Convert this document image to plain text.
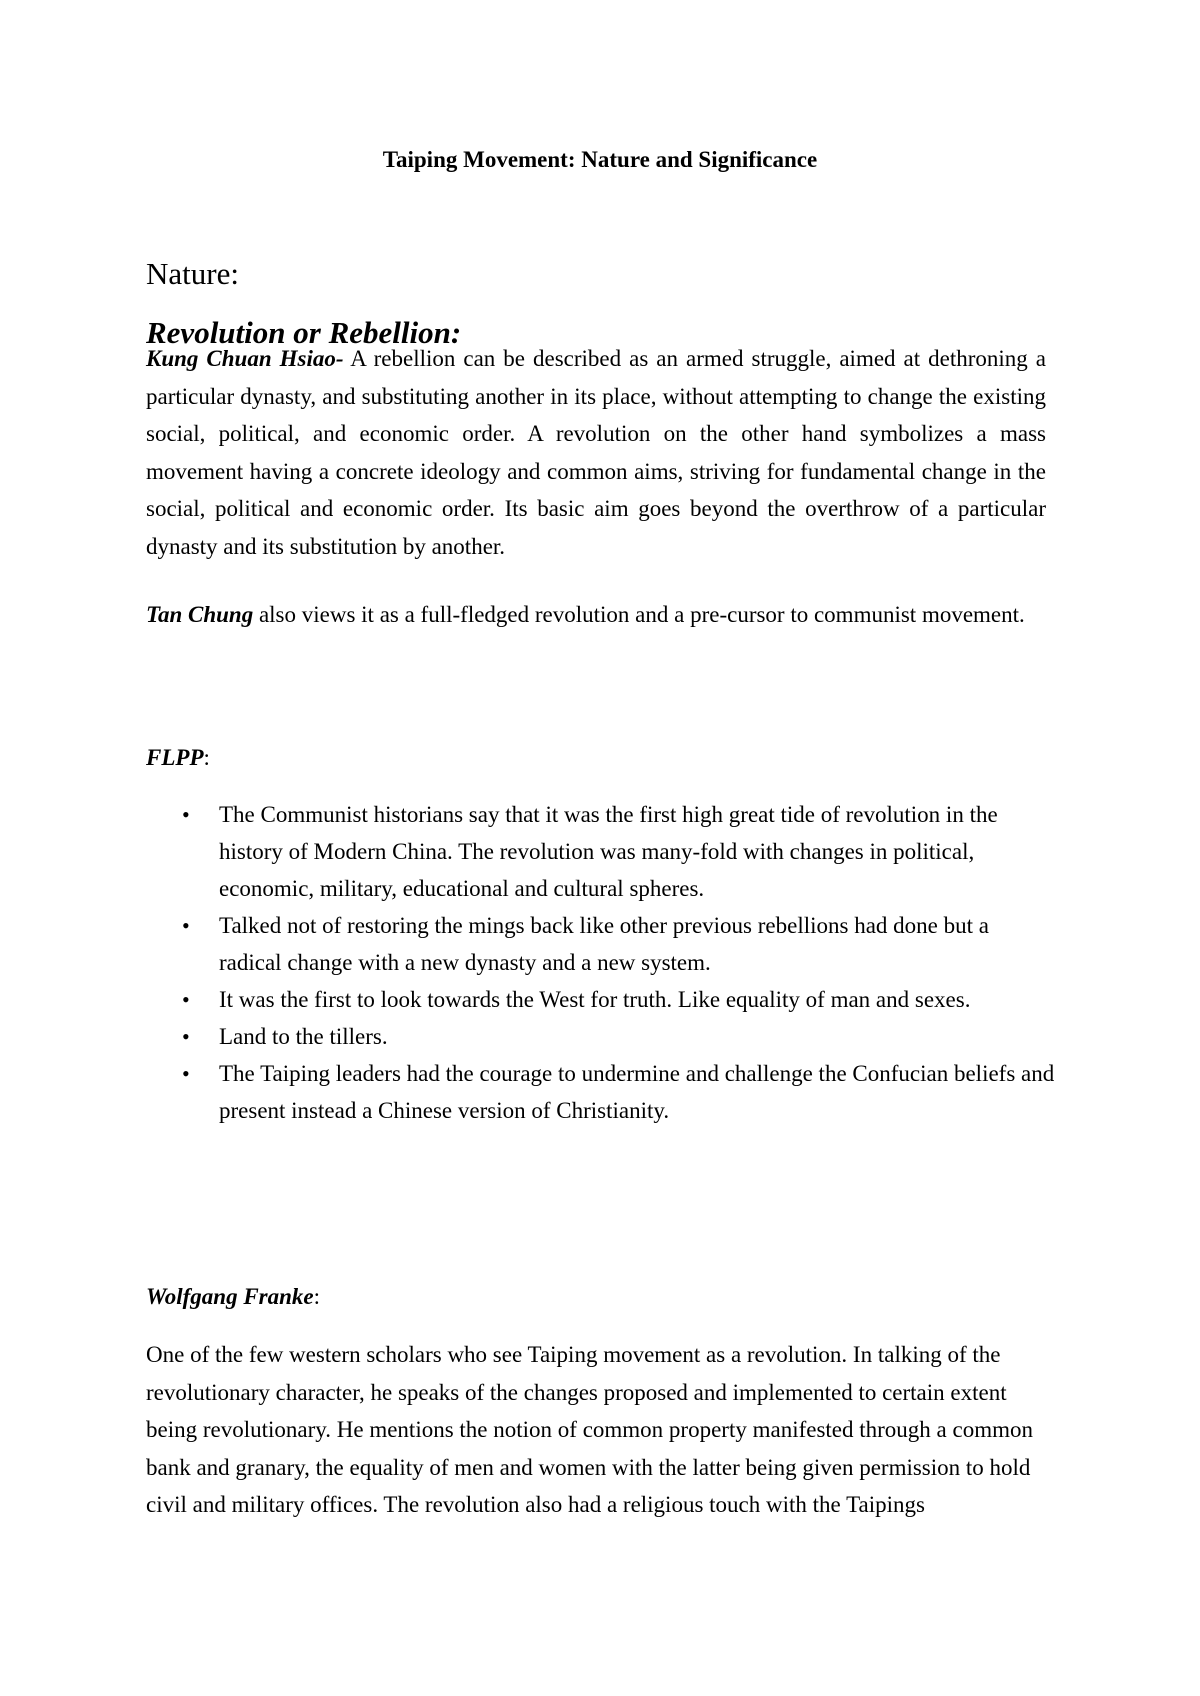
Taiping Movement: Nature and Significance
Nature:
Revolution or Rebellion:

Kung Chuan Hsiao- A rebellion can be described as an armed struggle, aimed at dethroning a particular dynasty, and substituting another in its place, without attempting to change the existing social, political, and economic order. A revolution on the other hand symbolizes a mass movement having a concrete ideology and common aims, striving for fundamental change in the social, political and economic order. Its basic aim goes beyond the overthrow of a particular dynasty and its substitution by another.

Tan Chung also views it as a full-fledged revolution and a pre-cursor to communist movement.

FLPP:
• The Communist historians say that it was the first high great tide of revolution in the history of Modern China. The revolution was many-fold with changes in political, economic, military, educational and cultural spheres.
• Talked not of restoring the mings back like other previous rebellions had done but a radical change with a new dynasty and a new system.
• It was the first to look towards the West for truth. Like equality of man and sexes.
• Land to the tillers.
• The Taiping leaders had the courage to undermine and challenge the Confucian beliefs and present instead a Chinese version of Christianity.
Wolfgang Franke:

One of the few western scholars who see Taiping movement as a revolution. In talking of the revolutionary character, he speaks of the changes proposed and implemented to certain extent being revolutionary. He mentions the notion of common property manifested through a common bank and granary, the equality of men and women with the latter being given permission to hold civil and military offices. The revolution also had a religious touch with the Taipings
